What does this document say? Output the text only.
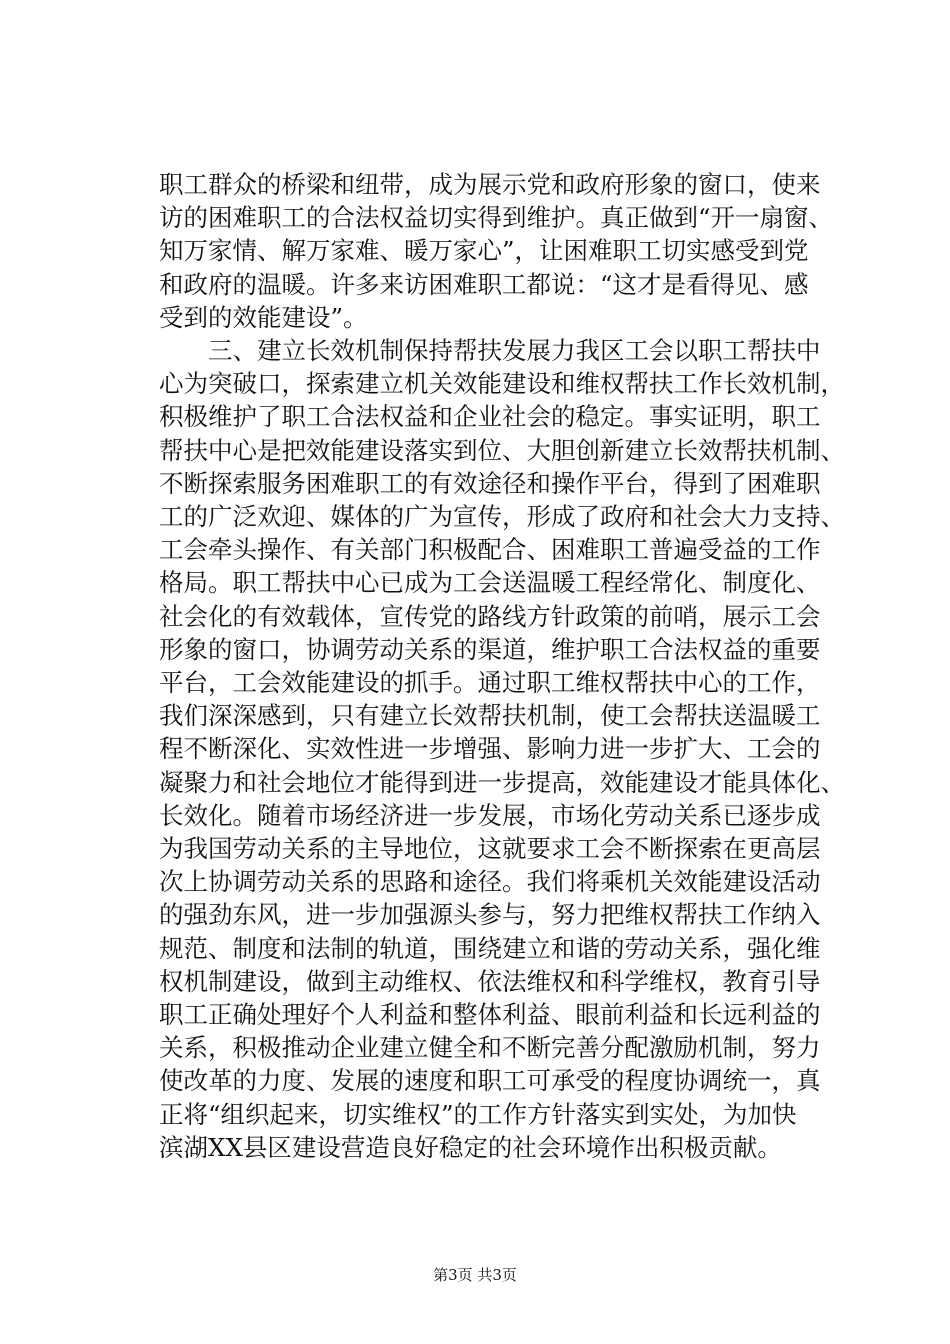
职工群众的桥梁和纽带，成为展示党和政府形象的窗口，使来
访的困难职工的合法权益切实得到维护。真正做到“开一扇窗、
知万家情、解万家难、暖万家心”，让困难职工切实感受到党
和政府的温暖。许多来访困难职工都说：“这才是看得见、感
受到的效能建设”。
　　三、建立长效机制保持帮扶发展力我区工会以职工帮扶中
心为突破口，探索建立机关效能建设和维权帮扶工作长效机制，
积极维护了职工合法权益和企业社会的稳定。事实证明，职工
帮扶中心是把效能建设落实到位、大胆创新建立长效帮扶机制、
不断探索服务困难职工的有效途径和操作平台，得到了困难职
工的广泛欢迎、媒体的广为宣传，形成了政府和社会大力支持、
工会牵头操作、有关部门积极配合、困难职工普遍受益的工作
格局。职工帮扶中心已成为工会送温暖工程经常化、制度化、
社会化的有效载体，宣传党的路线方针政策的前哨，展示工会
形象的窗口，协调劳动关系的渠道，维护职工合法权益的重要
平台，工会效能建设的抓手。通过职工维权帮扶中心的工作，
我们深深感到，只有建立长效帮扶机制，使工会帮扶送温暖工
程不断深化、实效性进一步增强、影响力进一步扩大、工会的
凝聚力和社会地位才能得到进一步提高，效能建设才能具体化、
长效化。随着市场经济进一步发展，市场化劳动关系已逐步成
为我国劳动关系的主导地位，这就要求工会不断探索在更高层
次上协调劳动关系的思路和途径。我们将乘机关效能建设活动
的强劲东风，进一步加强源头参与，努力把维权帮扶工作纳入
规范、制度和法制的轨道，围绕建立和谐的劳动关系，强化维
权机制建设，做到主动维权、依法维权和科学维权，教育引导
职工正确处理好个人利益和整体利益、眼前利益和长远利益的
关系，积极推动企业建立健全和不断完善分配激励机制，努力
使改革的力度、发展的速度和职工可承受的程度协调统一，真
正将“组织起来，切实维权”的工作方针落实到实处，为加快
滨湖XX县区建设营造良好稳定的社会环境作出积极贡献。
第3页 共3页
